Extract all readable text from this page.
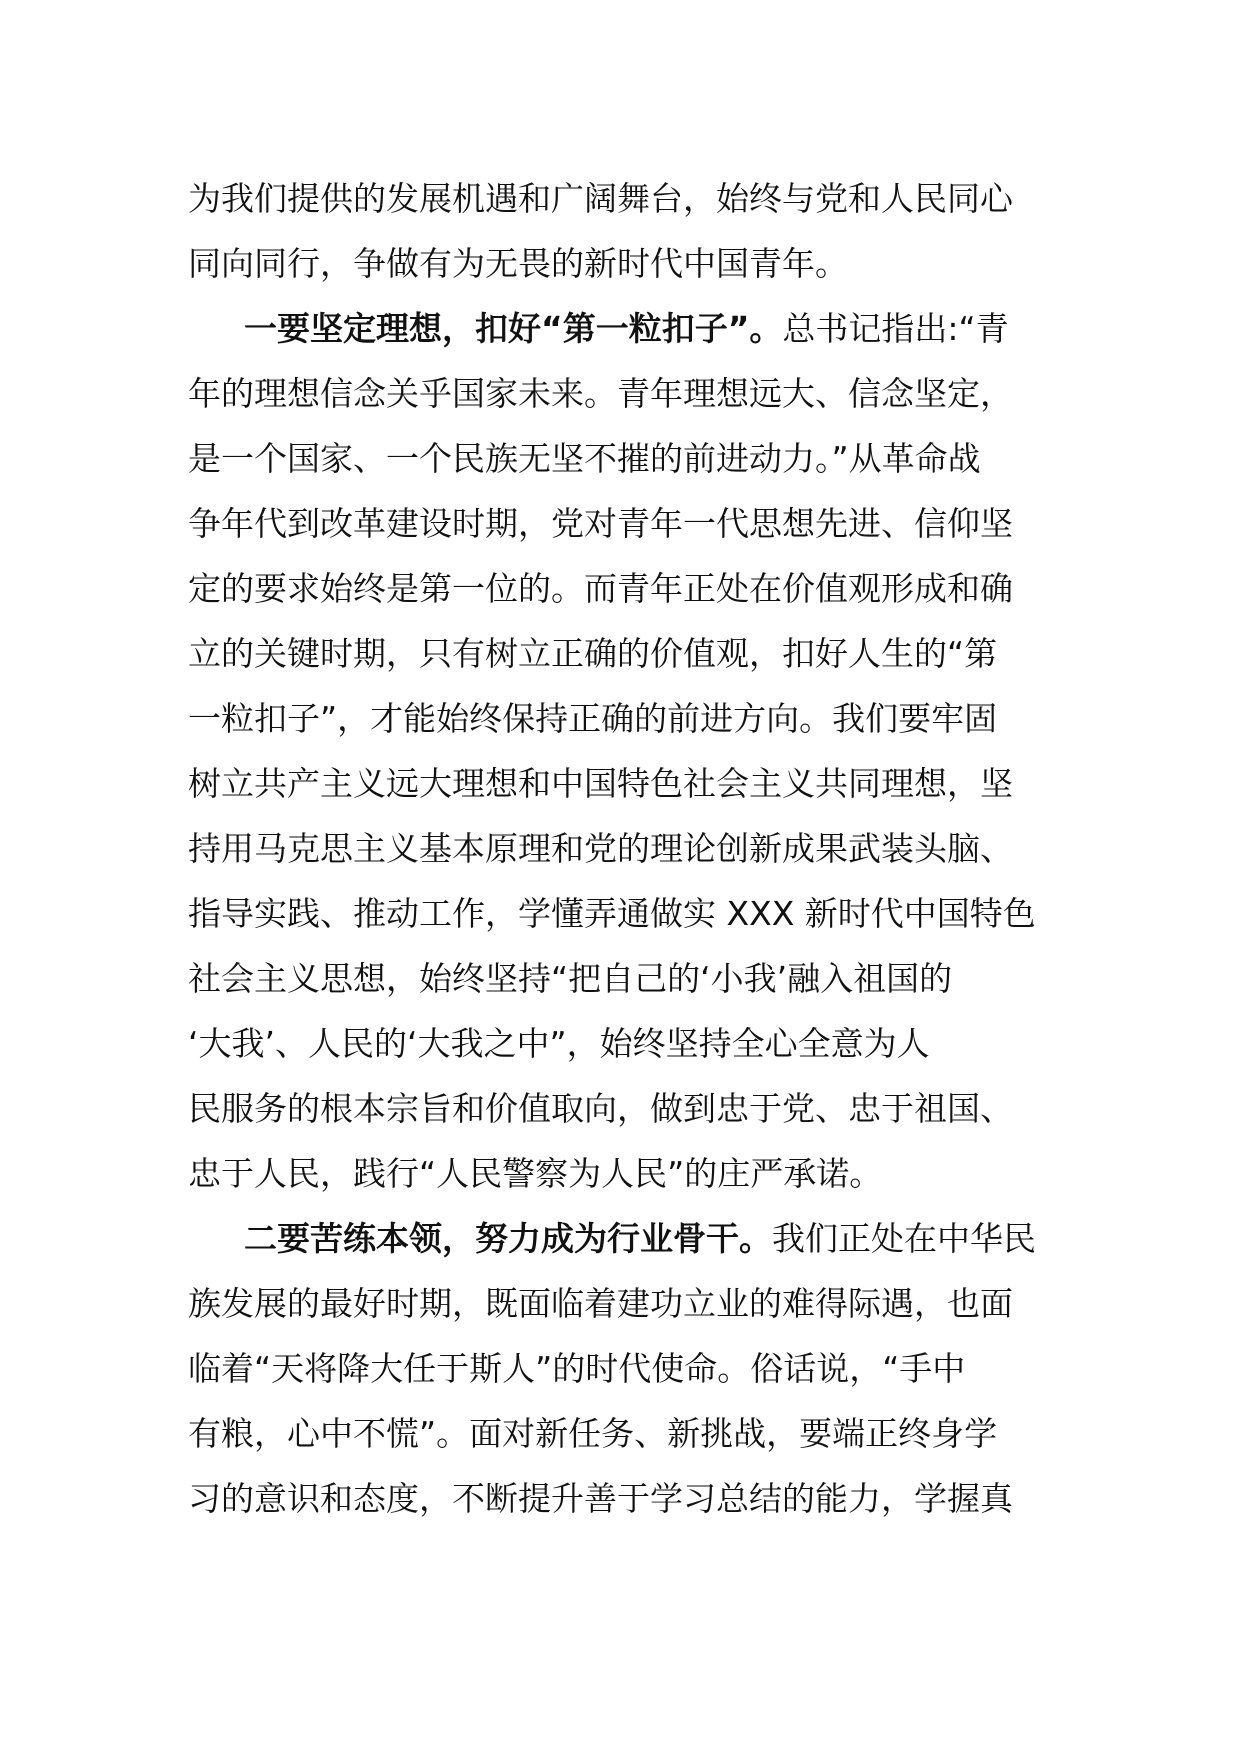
为我们提供的发展机遇和广阔舞台，始终与党和人民同心
同向同行，争做有为无畏的新时代中国青年。
一要坚定理想，扣好“第一粒扣子”。总书记指出:“青
年的理想信念关乎国家未来。青年理想远大、信念坚定，
是一个国家、一个民族无坚不摧的前进动力。”从革命战
争年代到改革建设时期，党对青年一代思想先进、信仰坚
定的要求始终是第一位的。而青年正处在价值观形成和确
立的关键时期，只有树立正确的价值观，扣好人生的“第
一粒扣子”，才能始终保持正确的前进方向。我们要牢固
树立共产主义远大理想和中国特色社会主义共同理想，坚
持用马克思主义基本原理和党的理论创新成果武装头脑、
指导实践、推动工作，学懂弄通做实 XXX 新时代中国特色
社会主义思想，始终坚持“把自己的‘小我’融入祖国的
‘大我’、人民的‘大我之中”，始终坚持全心全意为人
民服务的根本宗旨和价值取向，做到忠于党、忠于祖国、
忠于人民，践行“人民警察为人民”的庄严承诺。
二要苦练本领，努力成为行业骨干。我们正处在中华民
族发展的最好时期，既面临着建功立业的难得际遇，也面
临着“天将降大任于斯人”的时代使命。俗话说，“手中
有粮，心中不慌”。面对新任务、新挑战，要端正终身学
习的意识和态度，不断提升善于学习总结的能力，学握真
